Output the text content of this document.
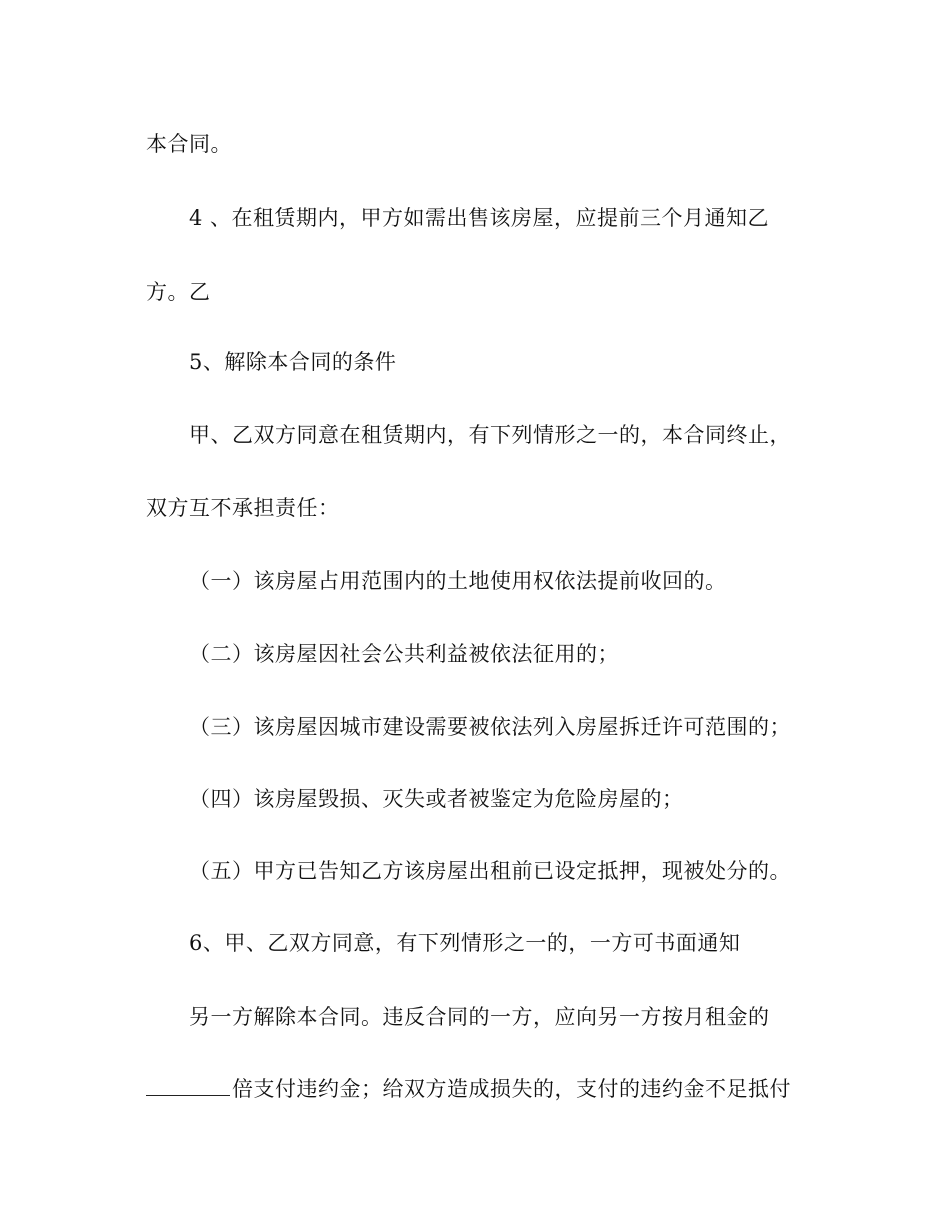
本合同。
4 、在租赁期内，甲方如需出售该房屋，应提前三个月通知乙
方。乙
5、解除本合同的条件
甲、乙双方同意在租赁期内，有下列情形之一的，本合同终止，
双方互不承担责任：
（一）该房屋占用范围内的土地使用权依法提前收回的。
（二）该房屋因社会公共利益被依法征用的；
（三）该房屋因城市建设需要被依法列入房屋拆迁许可范围的；
（四）该房屋毁损、灭失或者被鉴定为危险房屋的；
（五）甲方已告知乙方该房屋出租前已设定抵押，现被处分的。
6、甲、乙双方同意，有下列情形之一的，一方可书面通知
另一方解除本合同。违反合同的一方，应向另一方按月租金的
倍支付违约金；给双方造成损失的，支付的违约金不足抵付
